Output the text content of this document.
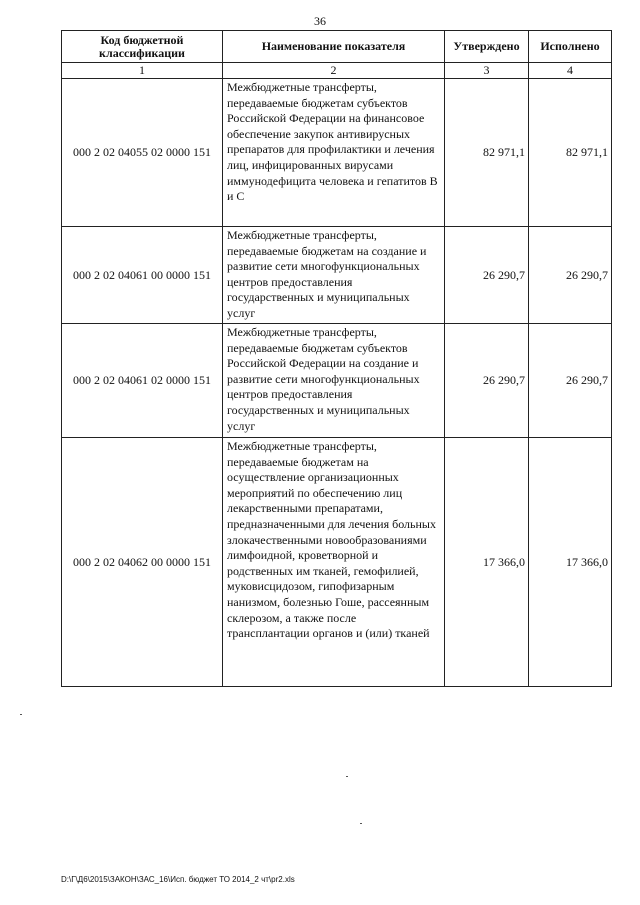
36
Код бюджетной классификации	Наименование показателя	Утверждено	Исполнено
1	2	3	4
000 2 02 04055 02 0000 151	Межбюджетные трансферты, передаваемые бюджетам субъектов Российской Федерации на финансовое обеспечение закупок антивирусных препаратов для профилактики и лечения лиц, инфицированных вирусами иммунодефицита человека и гепатитов В и С	82 971,1	82 971,1
000 2 02 04061 00 0000 151	Межбюджетные трансферты, передаваемые бюджетам на создание и развитие сети многофункциональных центров предоставления государственных и муниципальных услуг	26 290,7	26 290,7
000 2 02 04061 02 0000 151	Межбюджетные трансферты, передаваемые бюджетам субъектов Российской Федерации на создание и развитие сети многофункциональных центров предоставления государственных и муниципальных услуг	26 290,7	26 290,7
000 2 02 04062 00 0000 151	Межбюджетные трансферты, передаваемые бюджетам на осуществление организационных мероприятий по обеспечению лиц лекарственными препаратами, предназначенными для лечения больных злокачественными новообразованиями лимфоидной, кроветворной и родственных им тканей, гемофилией, муковисцидозом, гипофизарным нанизмом, болезнью Гоше, рассеянным склерозом, а также после трансплантации органов и (или) тканей	17 366,0	17 366,0
D:\Г\Д6\2015\ЗАКОН\ЗАС_16\Исп. бюджет ТО 2014_2 чт\pr2.xls
